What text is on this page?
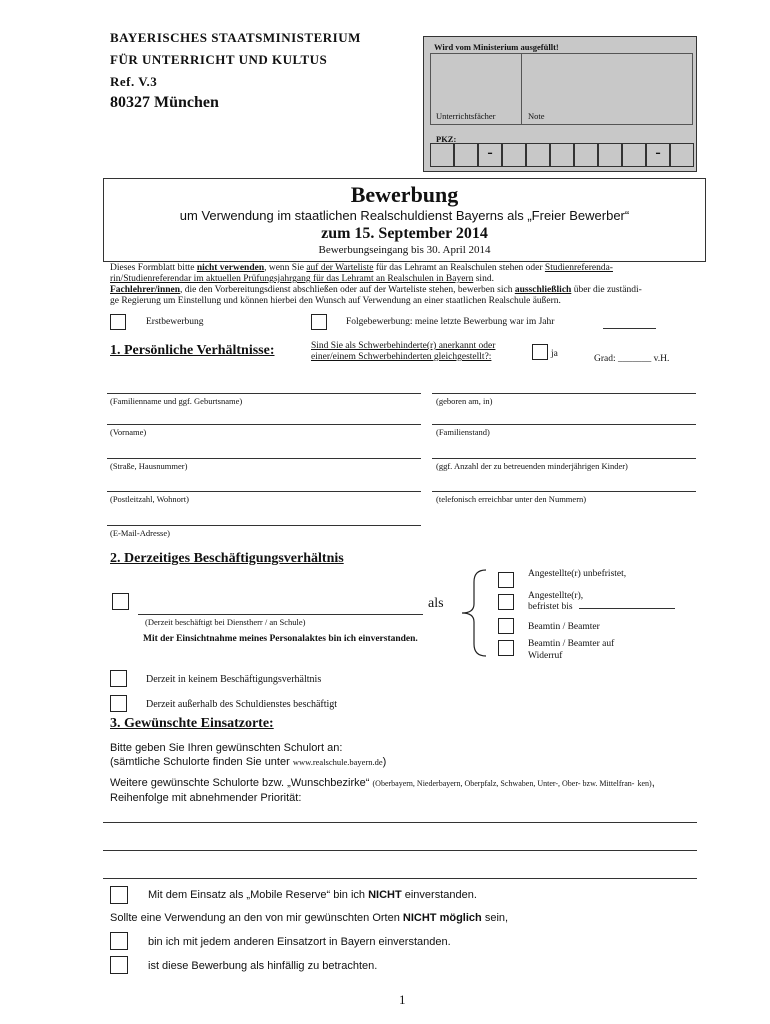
BAYERISCHES STAATSMINISTERIUM
FÜR UNTERRICHT UND KULTUS
Ref. V.3
80327 München
Wird vom Ministerium ausgefüllt!
Unterrichtsfächer	Note
PKZ:
-	-
Bewerbung
um Verwendung im staatlichen Realschuldienst Bayerns als „Freier Bewerber“
zum 15. September 2014
Bewerbungseingang bis 30. April 2014
Dieses Formblatt bitte nicht verwenden, wenn Sie auf der Warteliste für das Lehramt an Realschulen stehen oder Studienreferenda-
rin/Studienreferendar im aktuellen Prüfungsjahrgang für das Lehramt an Realschulen in Bayern sind.
Fachlehrer/innen, die den Vorbereitungsdienst abschließen oder auf der Warteliste stehen, bewerben sich ausschließlich über die zuständi-
ge Regierung um Einstellung und können hierbei den Wunsch auf Verwendung an einer staatlichen Realschule äußern.
Erstbewerbung	Folgebewerbung: meine letzte Bewerbung war im Jahr
1. Persönliche Verhältnisse:	Sind Sie als Schwerbehinderte(r) anerkannt oder
einer/einem Schwerbehinderten gleichgestellt?:	ja	Grad: _______ v.H.
(Familienname und ggf. Geburtsname)	(geboren am, in)
(Vorname)	(Familienstand)
(Straße, Hausnummer)	(ggf. Anzahl der zu betreuenden minderjährigen Kinder)
(Postleitzahl, Wohnort)	(telefonisch erreichbar unter den Nummern)
(E-Mail-Adresse)
2. Derzeitiges Beschäftigungsverhältnis
(Derzeit beschäftigt bei Dienstherr / an Schule)
als
Mit der Einsichtnahme meines Personalaktes bin ich einverstanden.
Angestellte(r) unbefristet,
Angestellte(r), befristet bis
Beamtin / Beamter
Beamtin / Beamter auf Widerruf
Derzeit in keinem Beschäftigungsverhältnis
Derzeit außerhalb des Schuldienstes beschäftigt
3. Gewünschte Einsatzorte:
Bitte geben Sie Ihren gewünschten Schulort an:
(sämtliche Schulorte finden Sie unter www.realschule.bayern.de)
Weitere gewünschte Schulorte bzw. „Wunschbezirke“ (Oberbayern, Niederbayern, Oberpfalz, Schwaben, Unter-, Ober- bzw. Mittelfran- ken), Reihenfolge mit abnehmender Priorität:
Mit dem Einsatz als „Mobile Reserve“ bin ich NICHT einverstanden.
Sollte eine Verwendung an den von mir gewünschten Orten NICHT möglich sein,
bin ich mit jedem anderen Einsatzort in Bayern einverstanden.
ist diese Bewerbung als hinfällig zu betrachten.
1
